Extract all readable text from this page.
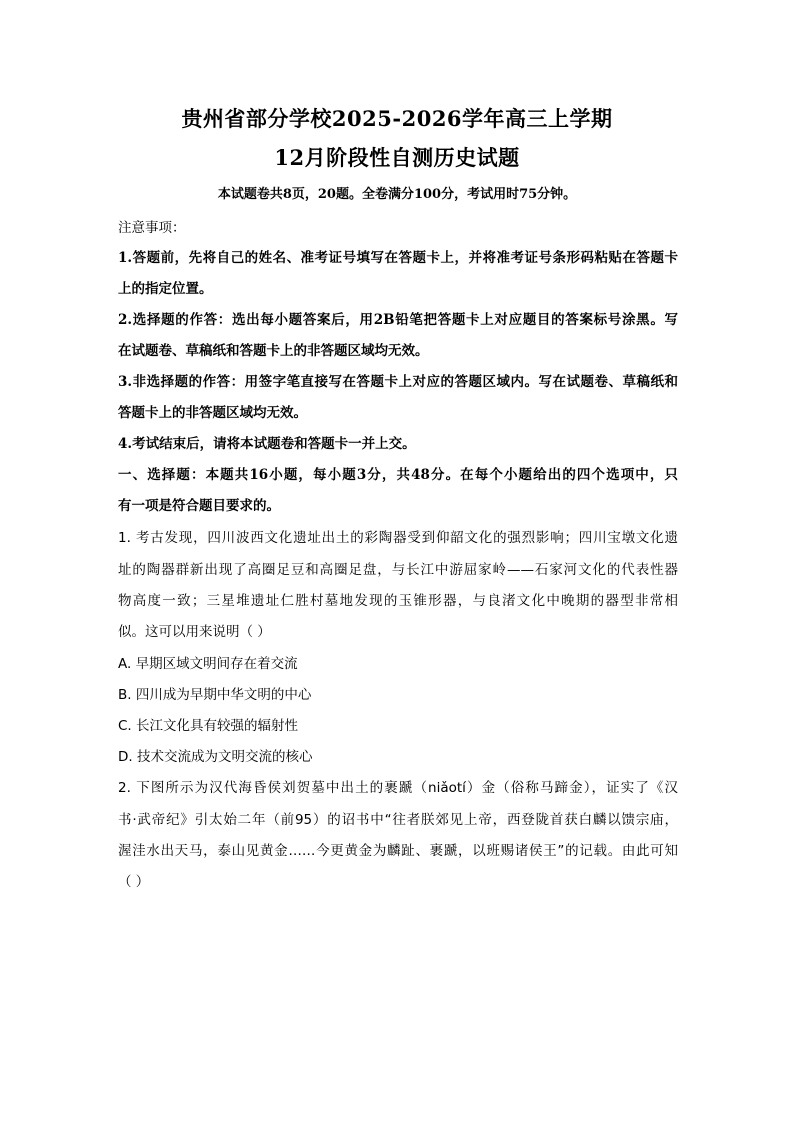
贵州省部分学校2025-2026学年高三上学期
12月阶段性自测历史试题
本试题卷共8页，20题。全卷满分100分，考试用时75分钟。
注意事项：
1.答题前，先将自己的姓名、准考证号填写在答题卡上，并将准考证号条形码粘贴在答题卡
上的指定位置。
2.选择题的作答：选出每小题答案后，用2B铅笔把答题卡上对应题目的答案标号涂黑。写
在试题卷、草稿纸和答题卡上的非答题区域均无效。
3.非选择题的作答：用签字笔直接写在答题卡上对应的答题区域内。写在试题卷、草稿纸和
答题卡上的非答题区域均无效。
4.考试结束后，请将本试题卷和答题卡一并上交。
一、选择题：本题共16小题，每小题3分，共48分。在每个小题给出的四个选项中，只
有一项是符合题目要求的。
1. 考古发现，四川波西文化遗址出土的彩陶器受到仰韶文化的强烈影响；四川宝墩文化遗
址的陶器群新出现了高圈足豆和高圈足盘，与长江中游屈家岭——石家河文化的代表性器
物高度一致；三星堆遗址仁胜村墓地发现的玉锥形器，与良渚文化中晚期的器型非常相
似。这可以用来说明（ ）
A. 早期区域文明间存在着交流
B. 四川成为早期中华文明的中心
C. 长江文化具有较强的辐射性
D. 技术交流成为文明交流的核心
2. 下图所示为汉代海昏侯刘贺墓中出土的裹蹏（niǎotí）金（俗称马蹄金），证实了《汉
书·武帝纪》引太始二年（前95）的诏书中“往者朕郊见上帝，西登陇首获白麟以馈宗庙，
渥洼水出天马，泰山见黄金……今更黄金为麟趾、裹蹏，以班赐诸侯王”的记载。由此可知
（ ）
